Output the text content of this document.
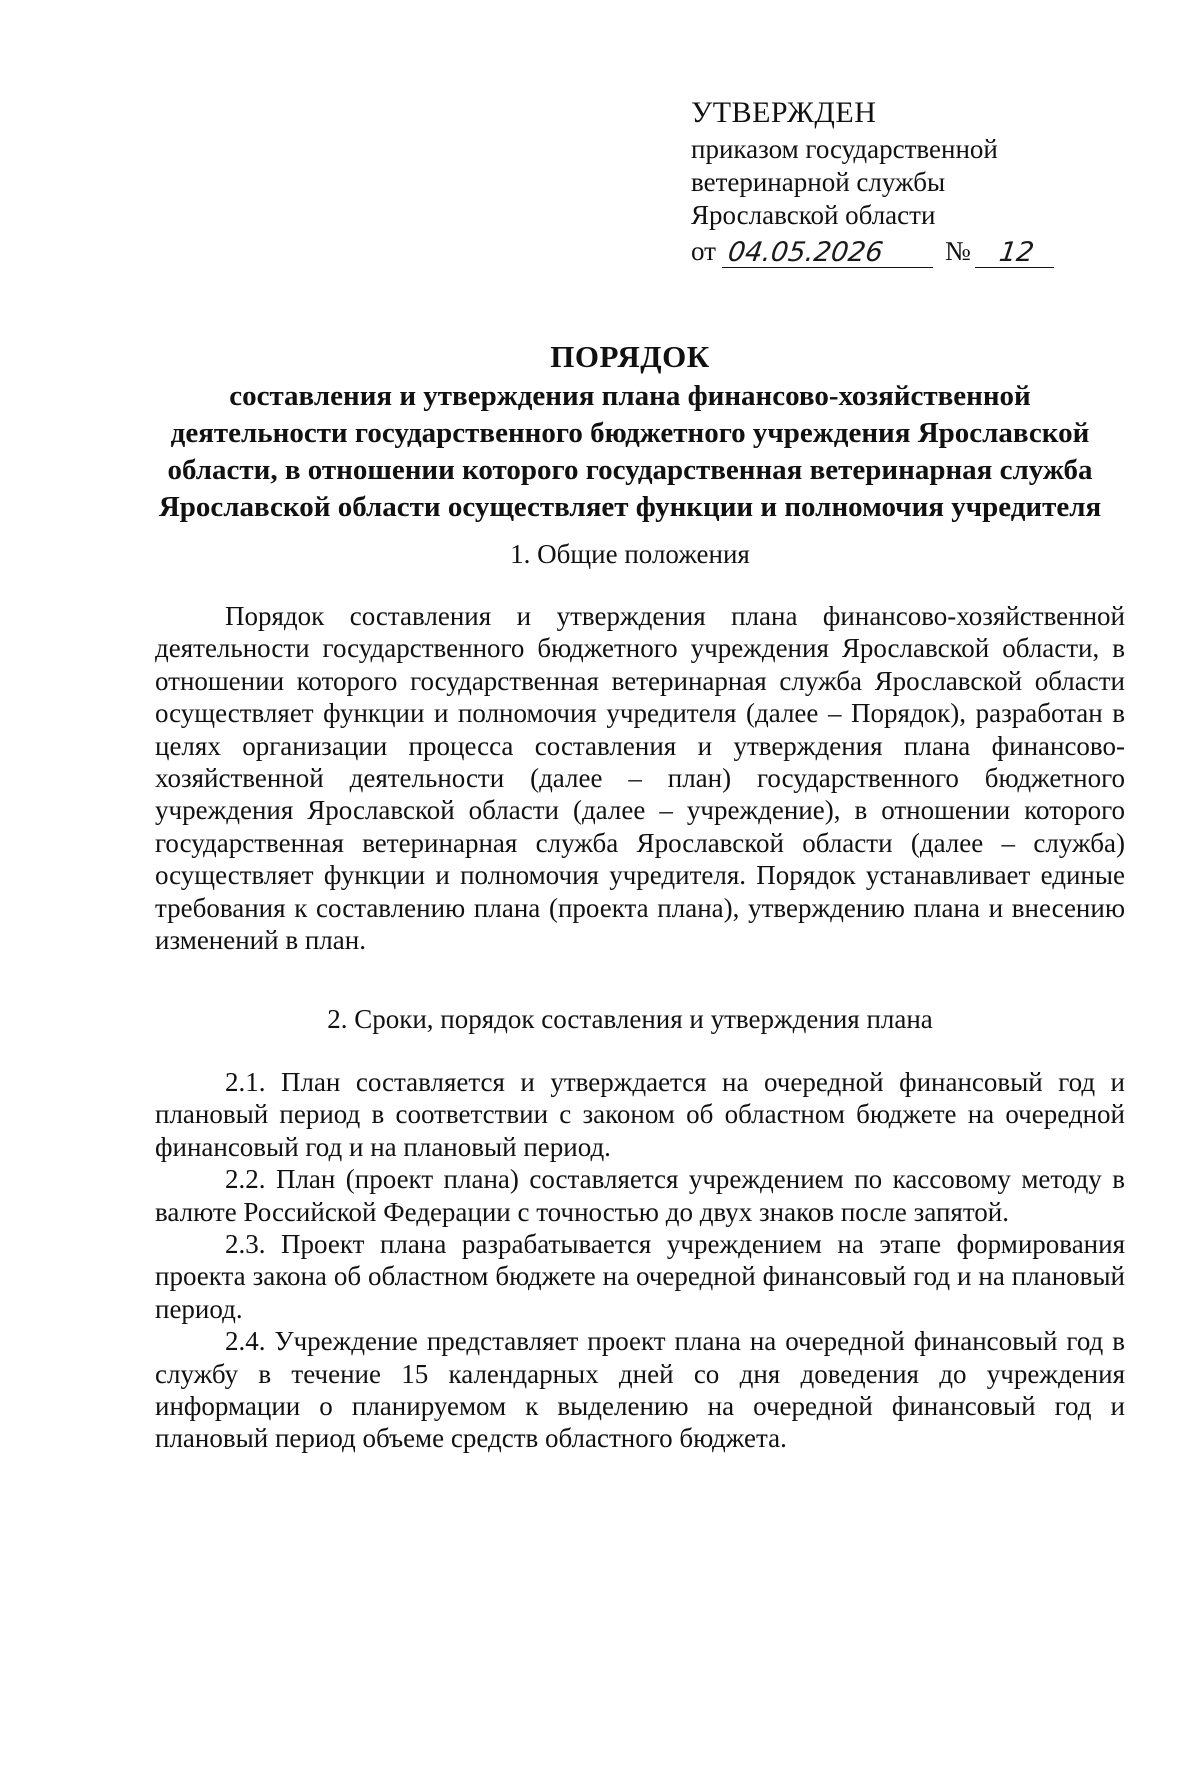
УТВЕРЖДЕН
приказом государственной
ветеринарной службы
Ярославской области
от 04.05.2026	№ 12
ПОРЯДОК
составления и утверждения плана финансово-хозяйственной
деятельности государственного бюджетного учреждения Ярославской
области, в отношении которого государственная ветеринарная служба
Ярославской области осуществляет функции и полномочия учредителя
1. Общие положения

Порядок составления и утверждения плана финансово-хозяйственной деятельности государственного бюджетного учреждения Ярославской области, в отношении которого государственная ветеринарная служба Ярославской области осуществляет функции и полномочия учредителя (далее – Порядок), разработан в целях организации процесса составления и утверждения плана финансово-хозяйственной деятельности (далее – план) государственного бюджетного учреждения Ярославской области (далее – учреждение), в отношении которого государственная ветеринарная служба Ярославской области (далее – служба) осуществляет функции и полномочия учредителя. Порядок устанавливает единые требования к составлению плана (проекта плана), утверждению плана и внесению изменений в план.

2. Сроки, порядок составления и утверждения плана

2.1. План составляется и утверждается на очередной финансовый год и плановый период в соответствии с законом об областном бюджете на очередной финансовый год и на плановый период.

2.2. План (проект плана) составляется учреждением по кассовому методу в валюте Российской Федерации с точностью до двух знаков после запятой.

2.3. Проект плана разрабатывается учреждением на этапе формирования проекта закона об областном бюджете на очередной финансовый год и на плановый период.

2.4. Учреждение представляет проект плана на очередной финансовый год в службу в течение 15 календарных дней со дня доведения до учреждения информации о планируемом к выделению на очередной финансовый год и плановый период объеме средств областного бюджета.
